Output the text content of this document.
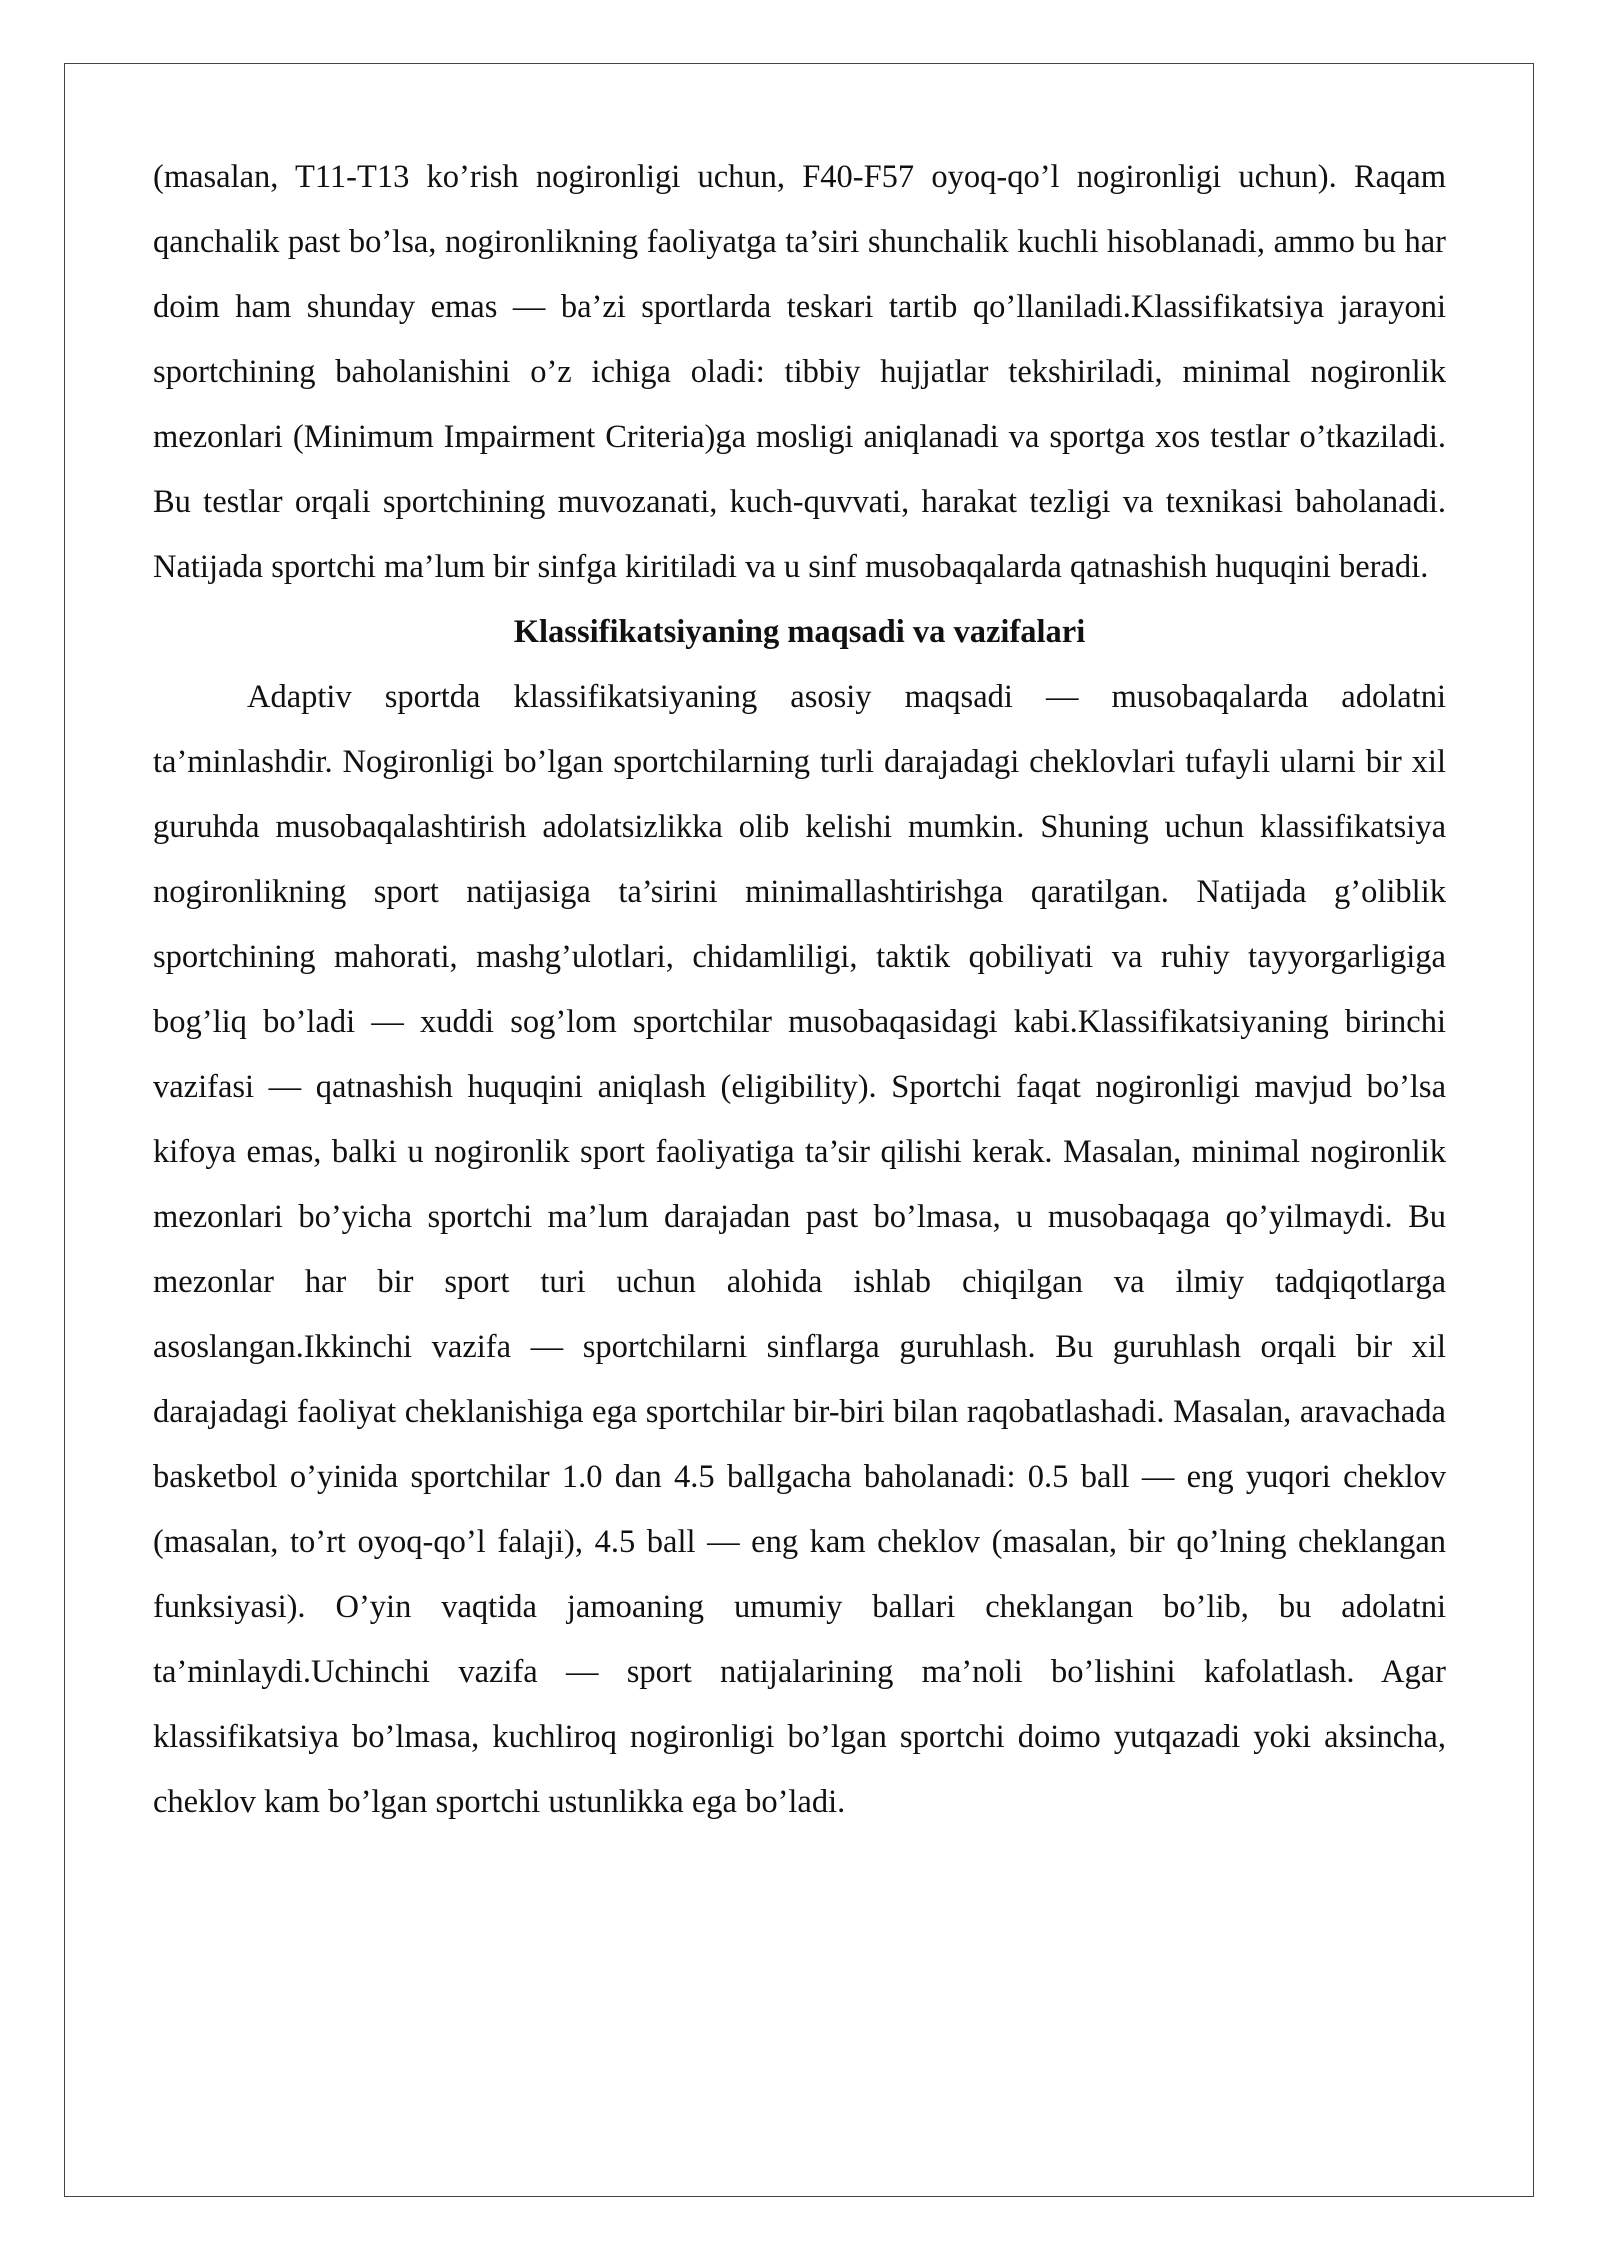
(masalan, T11-T13 ko’rish nogironligi uchun, F40-F57 oyoq-qo’l nogironligi uchun). Raqam qanchalik past bo’lsa, nogironlikning faoliyatga ta’siri shunchalik kuchli hisoblanadi, ammo bu har doim ham shunday emas — ba’zi sportlarda teskari tartib qo’llaniladi.Klassifikatsiya jarayoni sportchining baholanishini o’z ichiga oladi: tibbiy hujjatlar tekshiriladi, minimal nogironlik mezonlari (Minimum Impairment Criteria)ga mosligi aniqlanadi va sportga xos testlar o’tkaziladi. Bu testlar orqali sportchining muvozanati, kuch-quvvati, harakat tezligi va texnikasi baholanadi. Natijada sportchi ma’lum bir sinfga kiritiladi va u sinf musobaqalarda qatnashish huquqini beradi.

Klassifikatsiyaning maqsadi va vazifalari

Adaptiv sportda klassifikatsiyaning asosiy maqsadi — musobaqalarda adolatni ta’minlashdir. Nogironligi bo’lgan sportchilarning turli darajadagi cheklovlari tufayli ularni bir xil guruhda musobaqalashtirish adolatsizlikka olib kelishi mumkin. Shuning uchun klassifikatsiya nogironlikning sport natijasiga ta’sirini minimallashtirishga qaratilgan. Natijada g’oliblik sportchining mahorati, mashg’ulotlari, chidamliligi, taktik qobiliyati va ruhiy tayyorgarligiga bog’liq bo’ladi — xuddi sog’lom sportchilar musobaqasidagi kabi.Klassifikatsiyaning birinchi vazifasi — qatnashish huquqini aniqlash (eligibility). Sportchi faqat nogironligi mavjud bo’lsa kifoya emas, balki u nogironlik sport faoliyatiga ta’sir qilishi kerak. Masalan, minimal nogironlik mezonlari bo’yicha sportchi ma’lum darajadan past bo’lmasa, u musobaqaga qo’yilmaydi. Bu mezonlar har bir sport turi uchun alohida ishlab chiqilgan va ilmiy tadqiqotlarga asoslangan.Ikkinchi vazifa — sportchilarni sinflarga guruhlash. Bu guruhlash orqali bir xil darajadagi faoliyat cheklanishiga ega sportchilar bir-biri bilan raqobatlashadi. Masalan, aravachada basketbol o’yinida sportchilar 1.0 dan 4.5 ballgacha baholanadi: 0.5 ball — eng yuqori cheklov (masalan, to’rt oyoq-qo’l falaji), 4.5 ball — eng kam cheklov (masalan, bir qo’lning cheklangan funksiyasi). O’yin vaqtida jamoaning umumiy ballari cheklangan bo’lib, bu adolatni ta’minlaydi.Uchinchi vazifa — sport natijalarining ma’noli bo’lishini kafolatlash. Agar klassifikatsiya bo’lmasa, kuchliroq nogironligi bo’lgan sportchi doimo yutqazadi yoki aksincha, cheklov kam bo’lgan sportchi ustunlikka ega bo’ladi.
